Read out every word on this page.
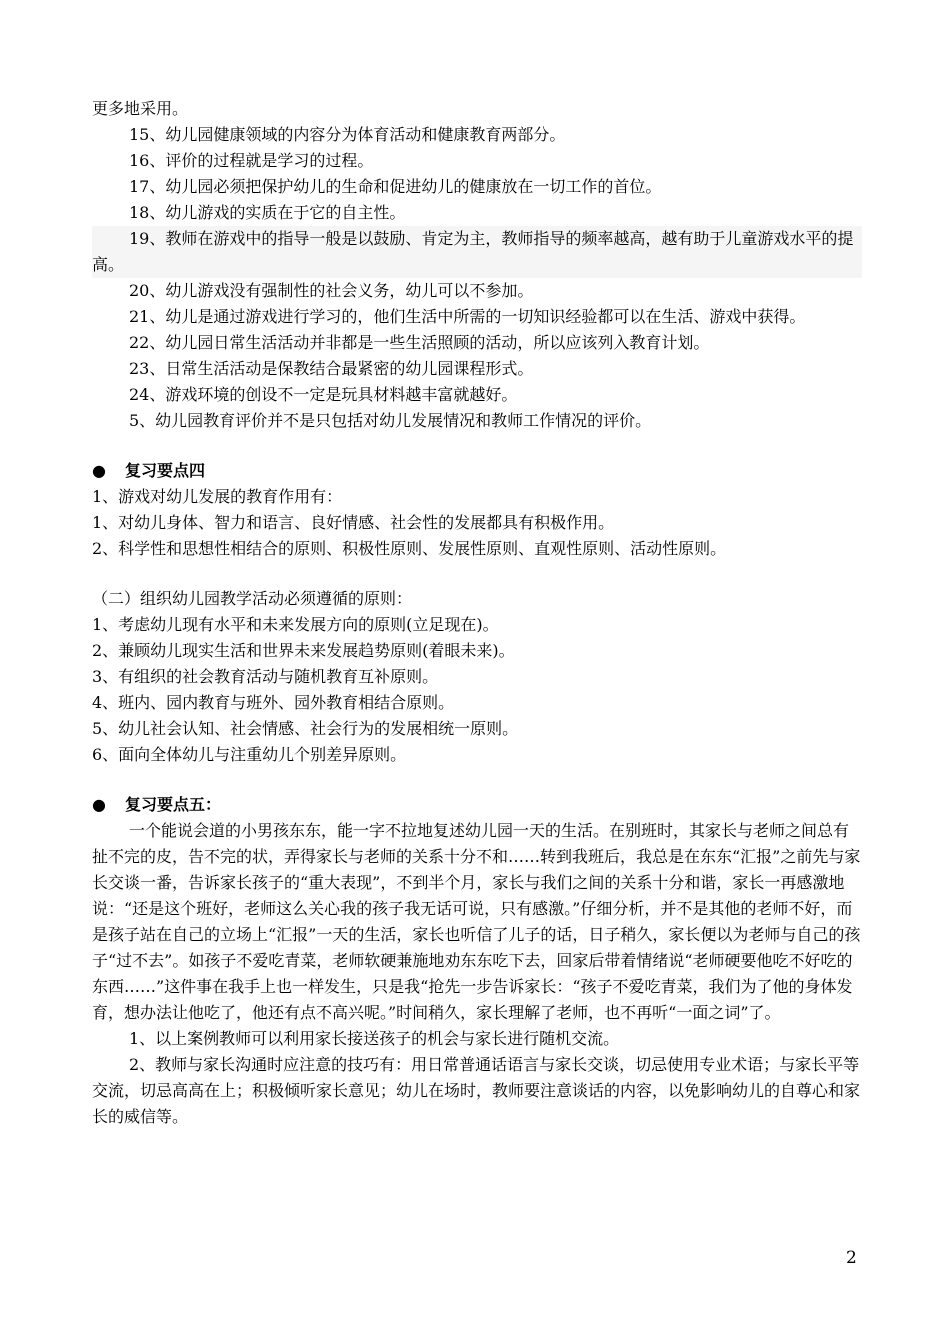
更多地采用。

15、幼儿园健康领域的内容分为体育活动和健康教育两部分。

16、评价的过程就是学习的过程。

17、幼儿园必须把保护幼儿的生命和促进幼儿的健康放在一切工作的首位。

18、幼儿游戏的实质在于它的自主性。

19、教师在游戏中的指导一般是以鼓励、肯定为主，教师指导的频率越高，越有助于儿童游戏水平的提高。

20、幼儿游戏没有强制性的社会义务，幼儿可以不参加。

21、幼儿是通过游戏进行学习的，他们生活中所需的一切知识经验都可以在生活、游戏中获得。

22、幼儿园日常生活活动并非都是一些生活照顾的活动，所以应该列入教育计划。

23、日常生活活动是保教结合最紧密的幼儿园课程形式。

24、游戏环境的创设不一定是玩具材料越丰富就越好。

5、幼儿园教育评价并不是只包括对幼儿发展情况和教师工作情况的评价。

● 复习要点四

1、游戏对幼儿发展的教育作用有：

1、对幼儿身体、智力和语言、良好情感、社会性的发展都具有积极作用。

2、科学性和思想性相结合的原则、积极性原则、发展性原则、直观性原则、活动性原则。

（二）组织幼儿园教学活动必须遵循的原则：

1、考虑幼儿现有水平和未来发展方向的原则(立足现在)。

2、兼顾幼儿现实生活和世界未来发展趋势原则(着眼未来)。

3、有组织的社会教育活动与随机教育互补原则。

4、班内、园内教育与班外、园外教育相结合原则。

5、幼儿社会认知、社会情感、社会行为的发展相统一原则。

6、面向全体幼儿与注重幼儿个别差异原则。

● 复习要点五：

一个能说会道的小男孩东东，能一字不拉地复述幼儿园一天的生活。在别班时，其家长与老师之间总有扯不完的皮，告不完的状，弄得家长与老师的关系十分不和……转到我班后，我总是在东东“汇报”之前先与家长交谈一番，告诉家长孩子的“重大表现”，不到半个月，家长与我们之间的关系十分和谐，家长一再感激地说：“还是这个班好，老师这么关心我的孩子我无话可说，只有感激。”仔细分析，并不是其他的老师不好，而是孩子站在自己的立场上“汇报”一天的生活，家长也听信了儿子的话，日子稍久，家长便以为老师与自己的孩子“过不去”。如孩子不爱吃青菜，老师软硬兼施地劝东东吃下去，回家后带着情绪说“老师硬要他吃不好吃的东西……”这件事在我手上也一样发生，只是我“抢先一步告诉家长：“孩子不爱吃青菜，我们为了他的身体发育，想办法让他吃了，他还有点不高兴呢。”时间稍久，家长理解了老师，也不再听“一面之词”了。

1、以上案例教师可以利用家长接送孩子的机会与家长进行随机交流。

2、教师与家长沟通时应注意的技巧有：用日常普通话语言与家长交谈，切忌使用专业术语；与家长平等交流，切忌高高在上；积极倾听家长意见；幼儿在场时，教师要注意谈话的内容，以免影响幼儿的自尊心和家长的威信等。

2
